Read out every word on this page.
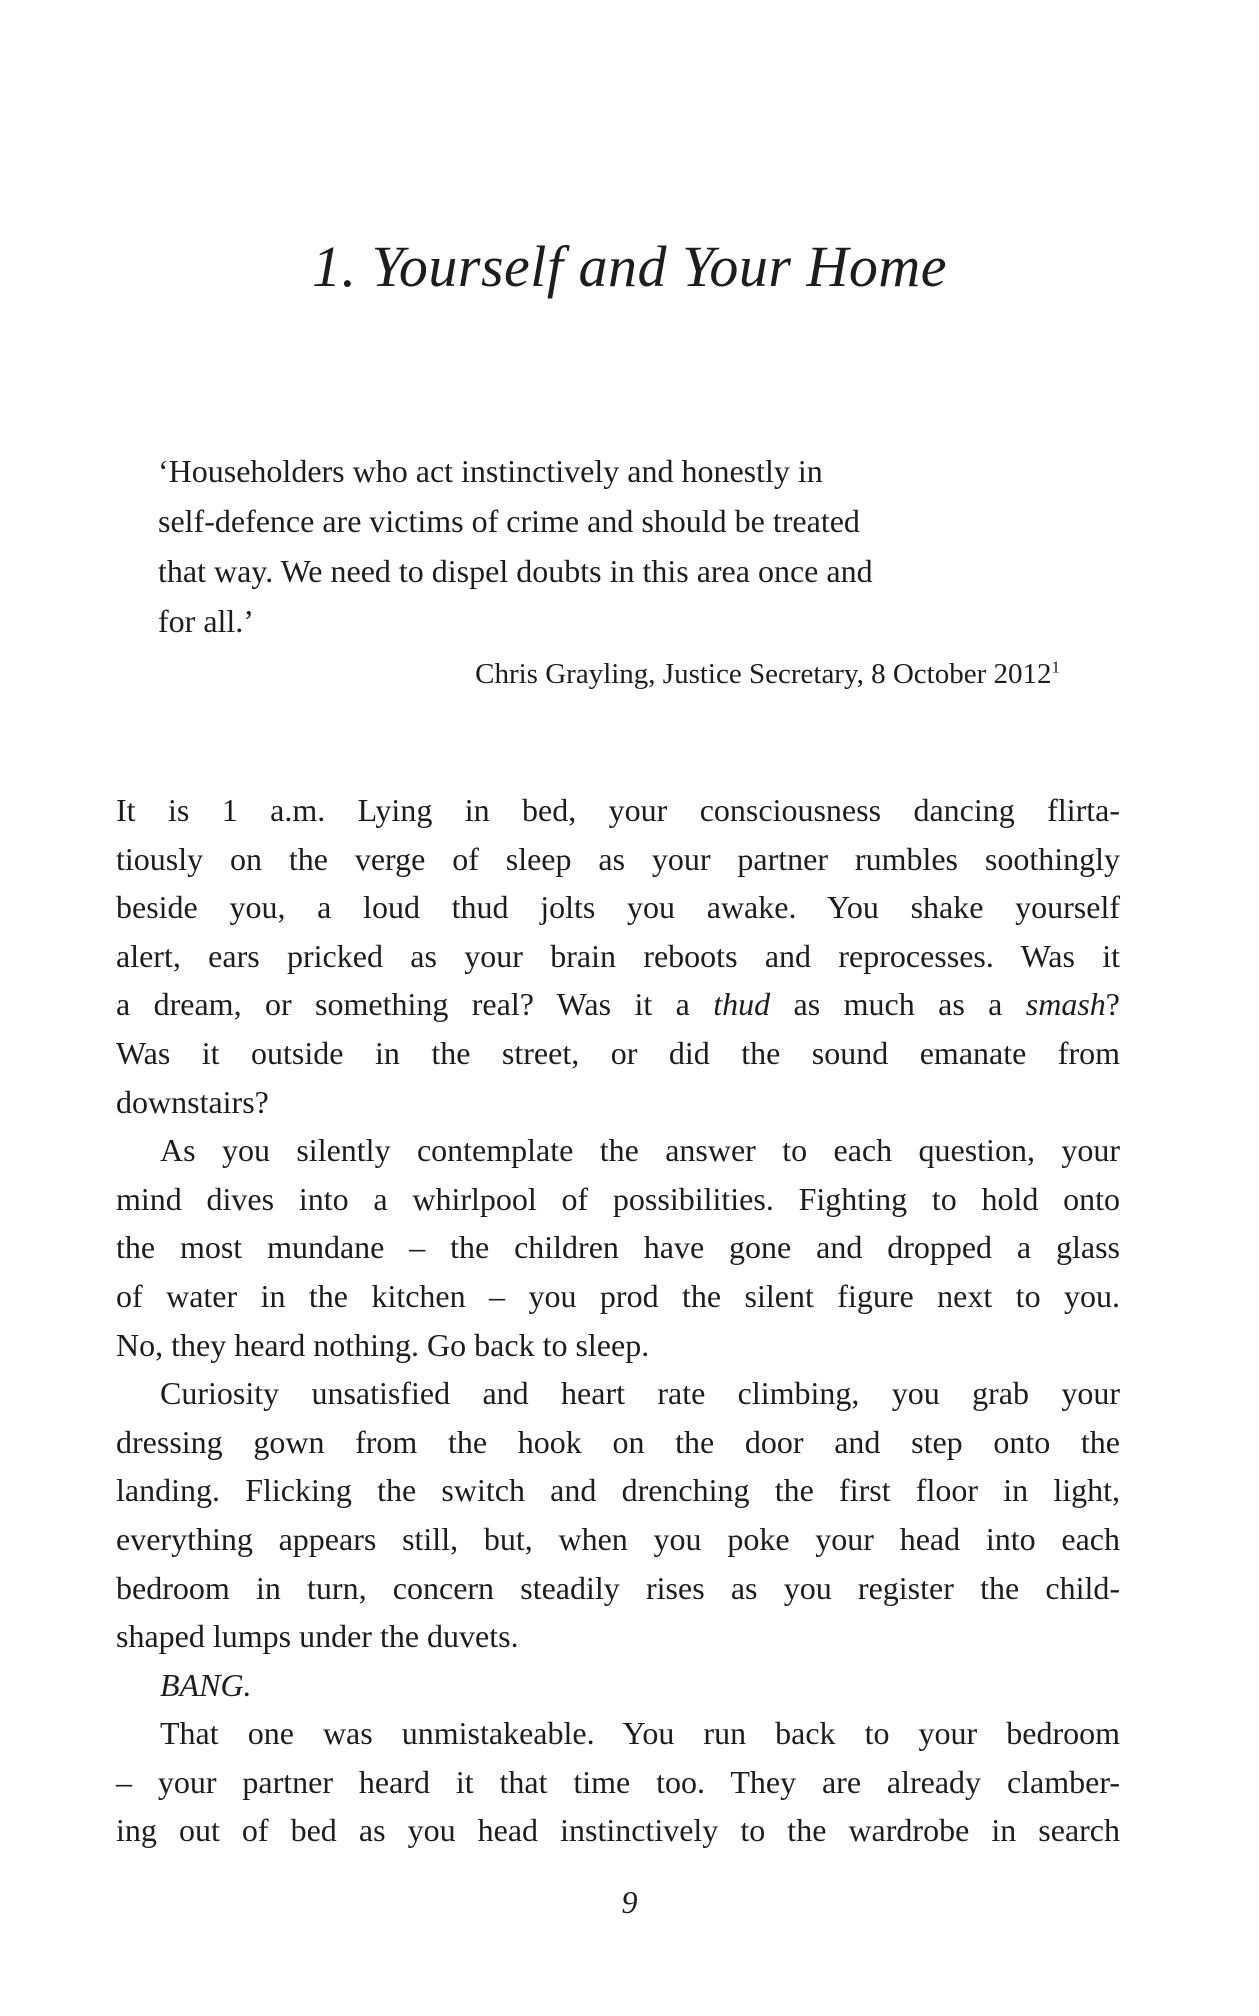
1. Yourself and Your Home

‘Householders who act instinctively and honestly in

self-defence are victims of crime and should be treated

that way. We need to dispel doubts in this area once and

for all.’

Chris Grayling, Justice Secretary, 8 October 2012$^1$

It is 1 a.m. Lying in bed, your consciousness dancing flirta-

tiously on the verge of sleep as your partner rumbles soothingly

beside you, a loud thud jolts you awake. You shake yourself

alert, ears pricked as your brain reboots and reprocesses. Was it

a dream, or something real? Was it a thud as much as a smash?

Was it outside in the street, or did the sound emanate from

downstairs?

As you silently contemplate the answer to each question, your

mind dives into a whirlpool of possibilities. Fighting to hold onto

the most mundane – the children have gone and dropped a glass

of water in the kitchen – you prod the silent figure next to you.

No, they heard nothing. Go back to sleep.

Curiosity unsatisfied and heart rate climbing, you grab your

dressing gown from the hook on the door and step onto the

landing. Flicking the switch and drenching the first floor in light,

everything appears still, but, when you poke your head into each

bedroom in turn, concern steadily rises as you register the child-

shaped lumps under the duvets.

BANG.

That one was unmistakeable. You run back to your bedroom

– your partner heard it that time too. They are already clamber-

ing out of bed as you head instinctively to the wardrobe in search

9
